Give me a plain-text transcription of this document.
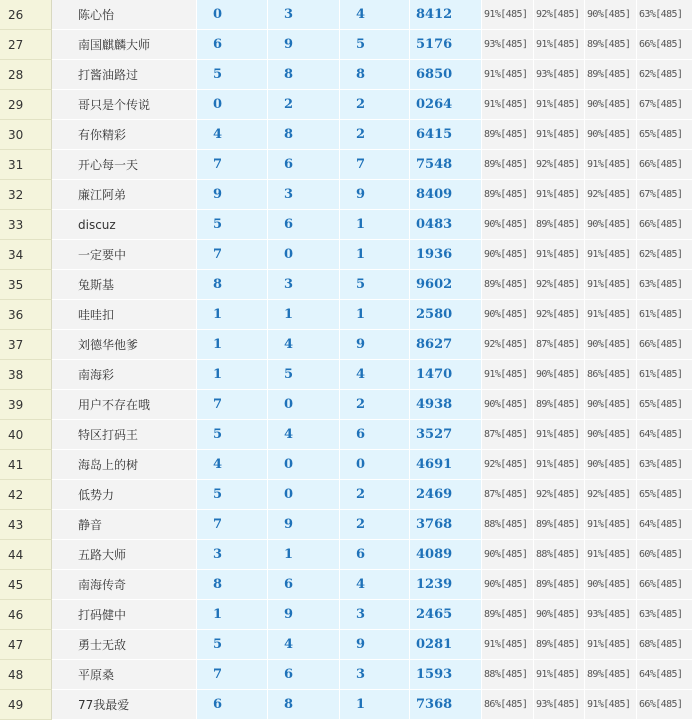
26	陈心怡	0	3	4	8412	91%[485]	92%[485]	90%[485]	63%[485]
27	南国麒麟大师	6	9	5	5176	93%[485]	91%[485]	89%[485]	66%[485]
28	打酱油路过	5	8	8	6850	91%[485]	93%[485]	89%[485]	62%[485]
29	哥只是个传说	0	2	2	0264	91%[485]	91%[485]	90%[485]	67%[485]
30	有你精彩	4	8	2	6415	89%[485]	91%[485]	90%[485]	65%[485]
31	开心每一天	7	6	7	7548	89%[485]	92%[485]	91%[485]	66%[485]
32	廉江阿弟	9	3	9	8409	89%[485]	91%[485]	92%[485]	67%[485]
33	discuz	5	6	1	0483	90%[485]	89%[485]	90%[485]	66%[485]
34	一定要中	7	0	1	1936	90%[485]	91%[485]	91%[485]	62%[485]
35	兔斯基	8	3	5	9602	89%[485]	92%[485]	91%[485]	63%[485]
36	哇哇扣	1	1	1	2580	90%[485]	92%[485]	91%[485]	61%[485]
37	刘德华他爹	1	4	9	8627	92%[485]	87%[485]	90%[485]	66%[485]
38	南海彩	1	5	4	1470	91%[485]	90%[485]	86%[485]	61%[485]
39	用户不存在哦	7	0	2	4938	90%[485]	89%[485]	90%[485]	65%[485]
40	特区打码王	5	4	6	3527	87%[485]	91%[485]	90%[485]	64%[485]
41	海岛上的树	4	0	0	4691	92%[485]	91%[485]	90%[485]	63%[485]
42	低势力	5	0	2	2469	87%[485]	92%[485]	92%[485]	65%[485]
43	静音	7	9	2	3768	88%[485]	89%[485]	91%[485]	64%[485]
44	五路大师	3	1	6	4089	90%[485]	88%[485]	91%[485]	60%[485]
45	南海传奇	8	6	4	1239	90%[485]	89%[485]	90%[485]	66%[485]
46	打码健中	1	9	3	2465	89%[485]	90%[485]	93%[485]	63%[485]
47	勇士无敌	5	4	9	0281	91%[485]	89%[485]	91%[485]	68%[485]
48	平原桑	7	6	3	1593	88%[485]	91%[485]	89%[485]	64%[485]
49	77我最爱	6	8	1	7368	86%[485]	93%[485]	91%[485]	66%[485]
